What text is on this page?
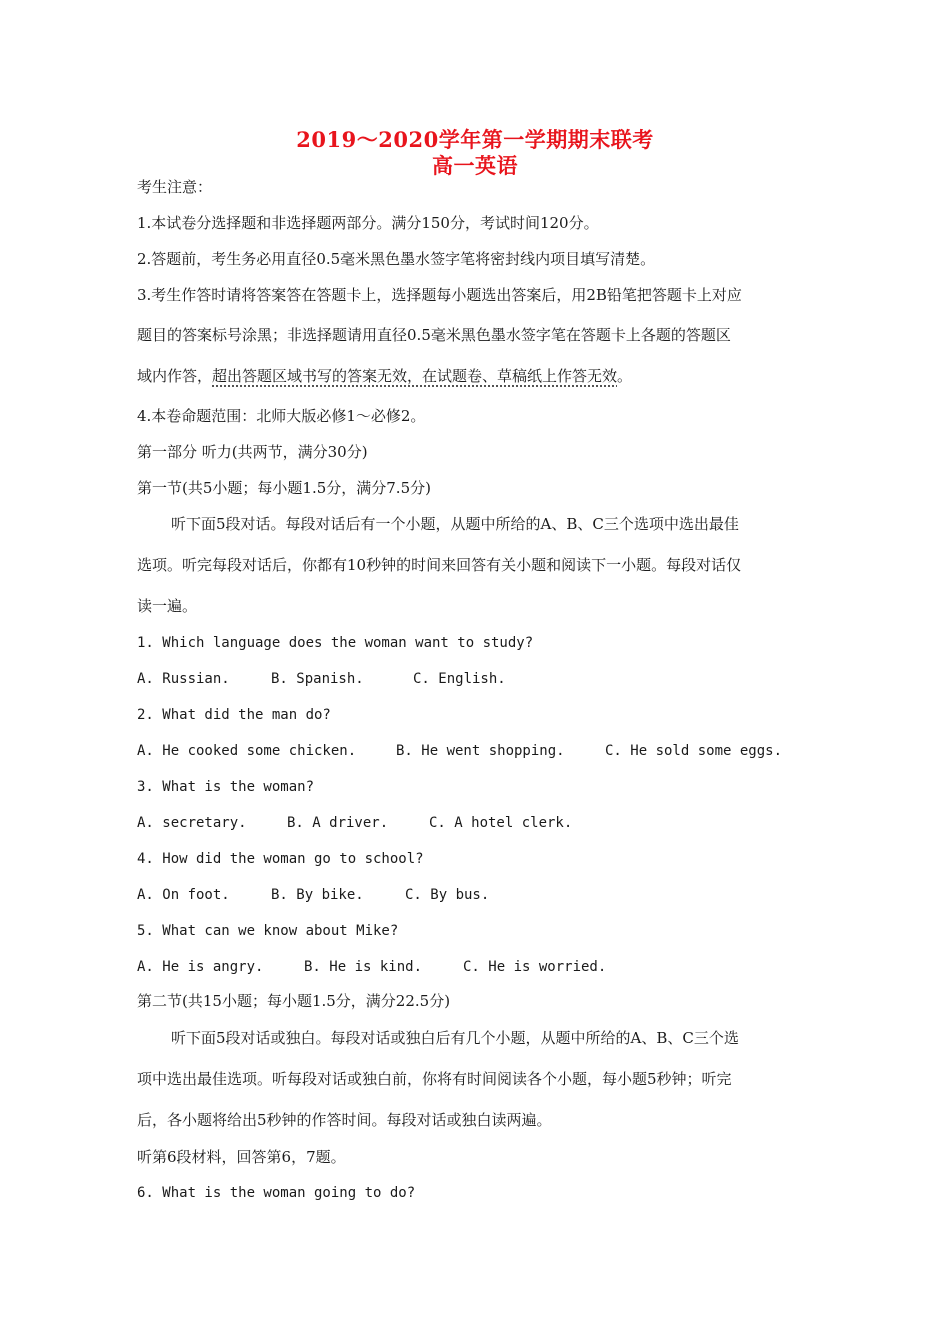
2019～2020学年第一学期期末联考
高一英语
考生注意：
1.本试卷分选择题和非选择题两部分。满分150分，考试时间120分。
2.答题前，考生务必用直径0.5毫米黑色墨水签字笔将密封线内项目填写清楚。
3.考生作答时请将答案答在答题卡上，选择题每小题选出答案后，用2B铅笔把答题卡上对应
题目的答案标号涂黑；非选择题请用直径0.5毫米黑色墨水签字笔在答题卡上各题的答题区
域内作答，超出答题区域书写的答案无效，在试题卷、草稿纸上作答无效。
4.本卷命题范围：北师大版必修1～必修2。
第一部分 听力(共两节，满分30分)
第一节(共5小题；每小题1.5分，满分7.5分)
听下面5段对话。每段对话后有一个小题，从题中所给的A、B、C三个选项中选出最佳
选项。听完每段对话后，你都有10秒钟的时间来回答有关小题和阅读下一小题。每段对话仅
读一遍。
1. Which language does the woman want to study?
A. Russian.	B. Spanish.	C. English.
2. What did the man do?
A. He cooked some chicken.	B. He went shopping.	C. He sold some eggs.
3. What is the woman?
A. secretary.	B. A driver.	C. A hotel clerk.
4. How did the woman go to school?
A. On foot.	B. By bike.	C. By bus.
5. What can we know about Mike?
A. He is angry.	B. He is kind.	C. He is worried.
第二节(共15小题；每小题1.5分，满分22.5分)
听下面5段对话或独白。每段对话或独白后有几个小题，从题中所给的A、B、C三个选
项中选出最佳选项。听每段对话或独白前，你将有时间阅读各个小题，每小题5秒钟；听完
后，各小题将给出5秒钟的作答时间。每段对话或独白读两遍。
听第6段材料，回答第6，7题。
6. What is the woman going to do?
